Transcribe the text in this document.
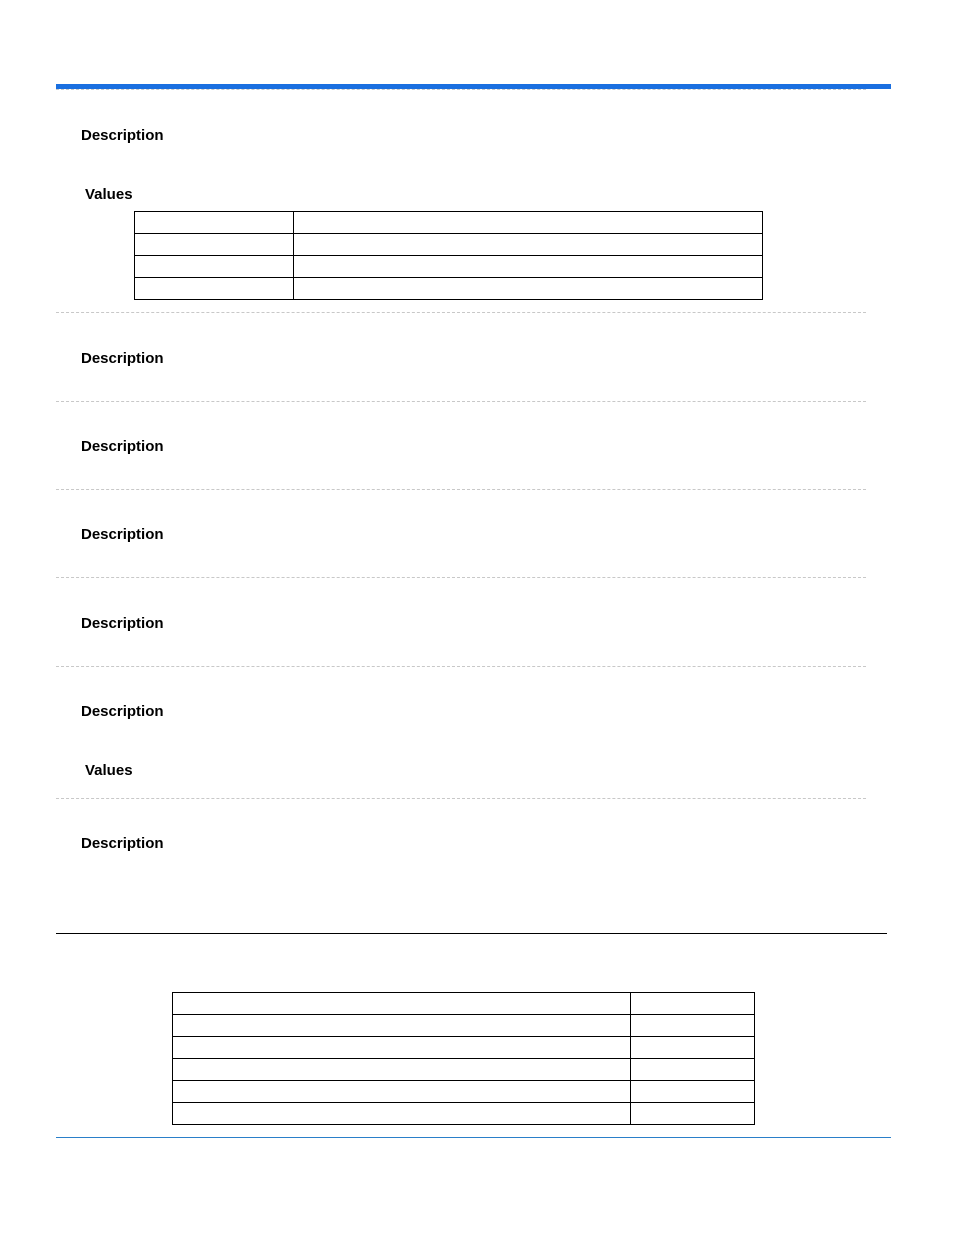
Description
Values

Description
Description
Description
Description
Description
Values
Description
